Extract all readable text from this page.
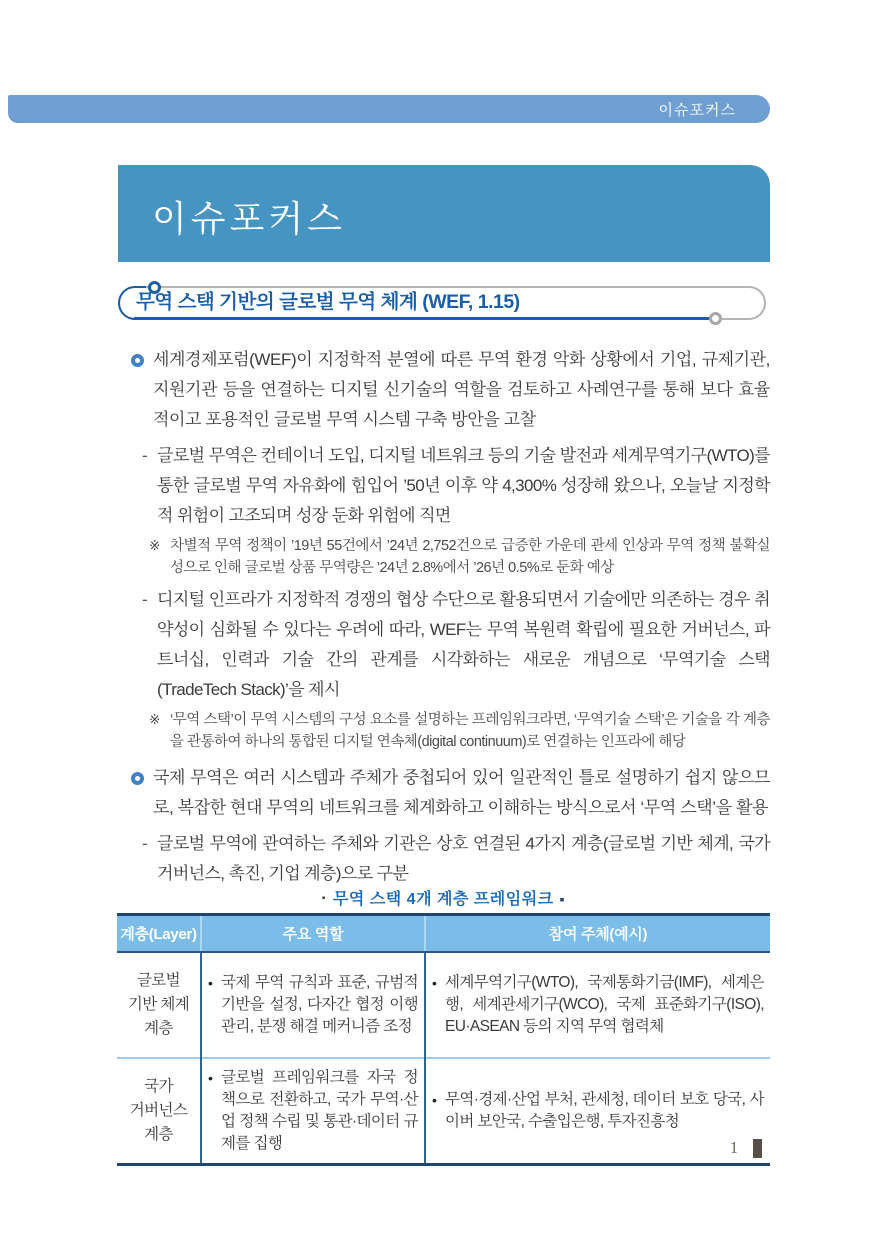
이슈포커스
이슈포커스
무역 스택 기반의 글로벌 무역 체계 (WEF, 1.15)

세계경제포럼(WEF)이 지정학적 분열에 따른 무역 환경 악화 상황에서 기업, 규제기관, 지원기관 등을 연결하는 디지털 신기술의 역할을 검토하고 사례연구를 통해 보다 효율적이고 포용적인 글로벌 무역 시스템 구축 방안을 고찰

- 글로벌 무역은 컨테이너 도입, 디지털 네트워크 등의 기술 발전과 세계무역기구(WTO)를 통한 글로벌 무역 자유화에 힘입어 ’50년 이후 약 4,300% 성장해 왔으나, 오늘날 지정학적 위험이 고조되며 성장 둔화 위험에 직면

※ 차별적 무역 정책이 ’19년 55건에서 ’24년 2,752건으로 급증한 가운데 관세 인상과 무역 정책 불확실성으로 인해 글로벌 상품 무역량은 ’24년 2.8%에서 ’26년 0.5%로 둔화 예상

- 디지털 인프라가 지정학적 경쟁의 협상 수단으로 활용되면서 기술에만 의존하는 경우 취약성이 심화될 수 있다는 우려에 따라, WEF는 무역 복원력 확립에 필요한 거버넌스, 파트너십, 인력과 기술 간의 관계를 시각화하는 새로운 개념으로 ‘무역기술 스택(TradeTech Stack)’을 제시

※ ‘무역 스택’이 무역 시스템의 구성 요소를 설명하는 프레임워크라면, ‘무역기술 스택’은 기술을 각 계층을 관통하여 하나의 통합된 디지털 연속체(digital continuum)로 연결하는 인프라에 해당

국제 무역은 여러 시스템과 주체가 중첩되어 있어 일관적인 틀로 설명하기 쉽지 않으므로, 복잡한 현대 무역의 네트워크를 체계화하고 이해하는 방식으로서 ‘무역 스택’을 활용

- 글로벌 무역에 관여하는 주체와 기관은 상호 연결된 4가지 계층(글로벌 기반 체계, 국가 거버넌스, 촉진, 기업 계층)으로 구분

▪ 무역 스택 4개 계층 프레임워크 ▪
계층(Layer)	주요 역할	참여 주체(예시)
글로벌 기반 체계 계층	• 국제 무역 규칙과 표준, 규범적 기반을 설정, 다자간 협정 이행 관리, 분쟁 해결 메커니즘 조정	• 세계무역기구(WTO), 국제통화기금(IMF), 세계은행, 세계관세기구(WCO), 국제 표준화기구(ISO), EU·ASEAN 등의 지역 무역 협력체

국가 거버넌스 계층	• 글로벌 프레임워크를 자국 정책으로 전환하고, 국가 무역·산업 정책 수립 및 통관·데이터 규제를 집행	• 무역·경제·산업 부처, 관세청, 데이터 보호 당국, 사이버 보안국, 수출입은행, 투자진흥청

1
